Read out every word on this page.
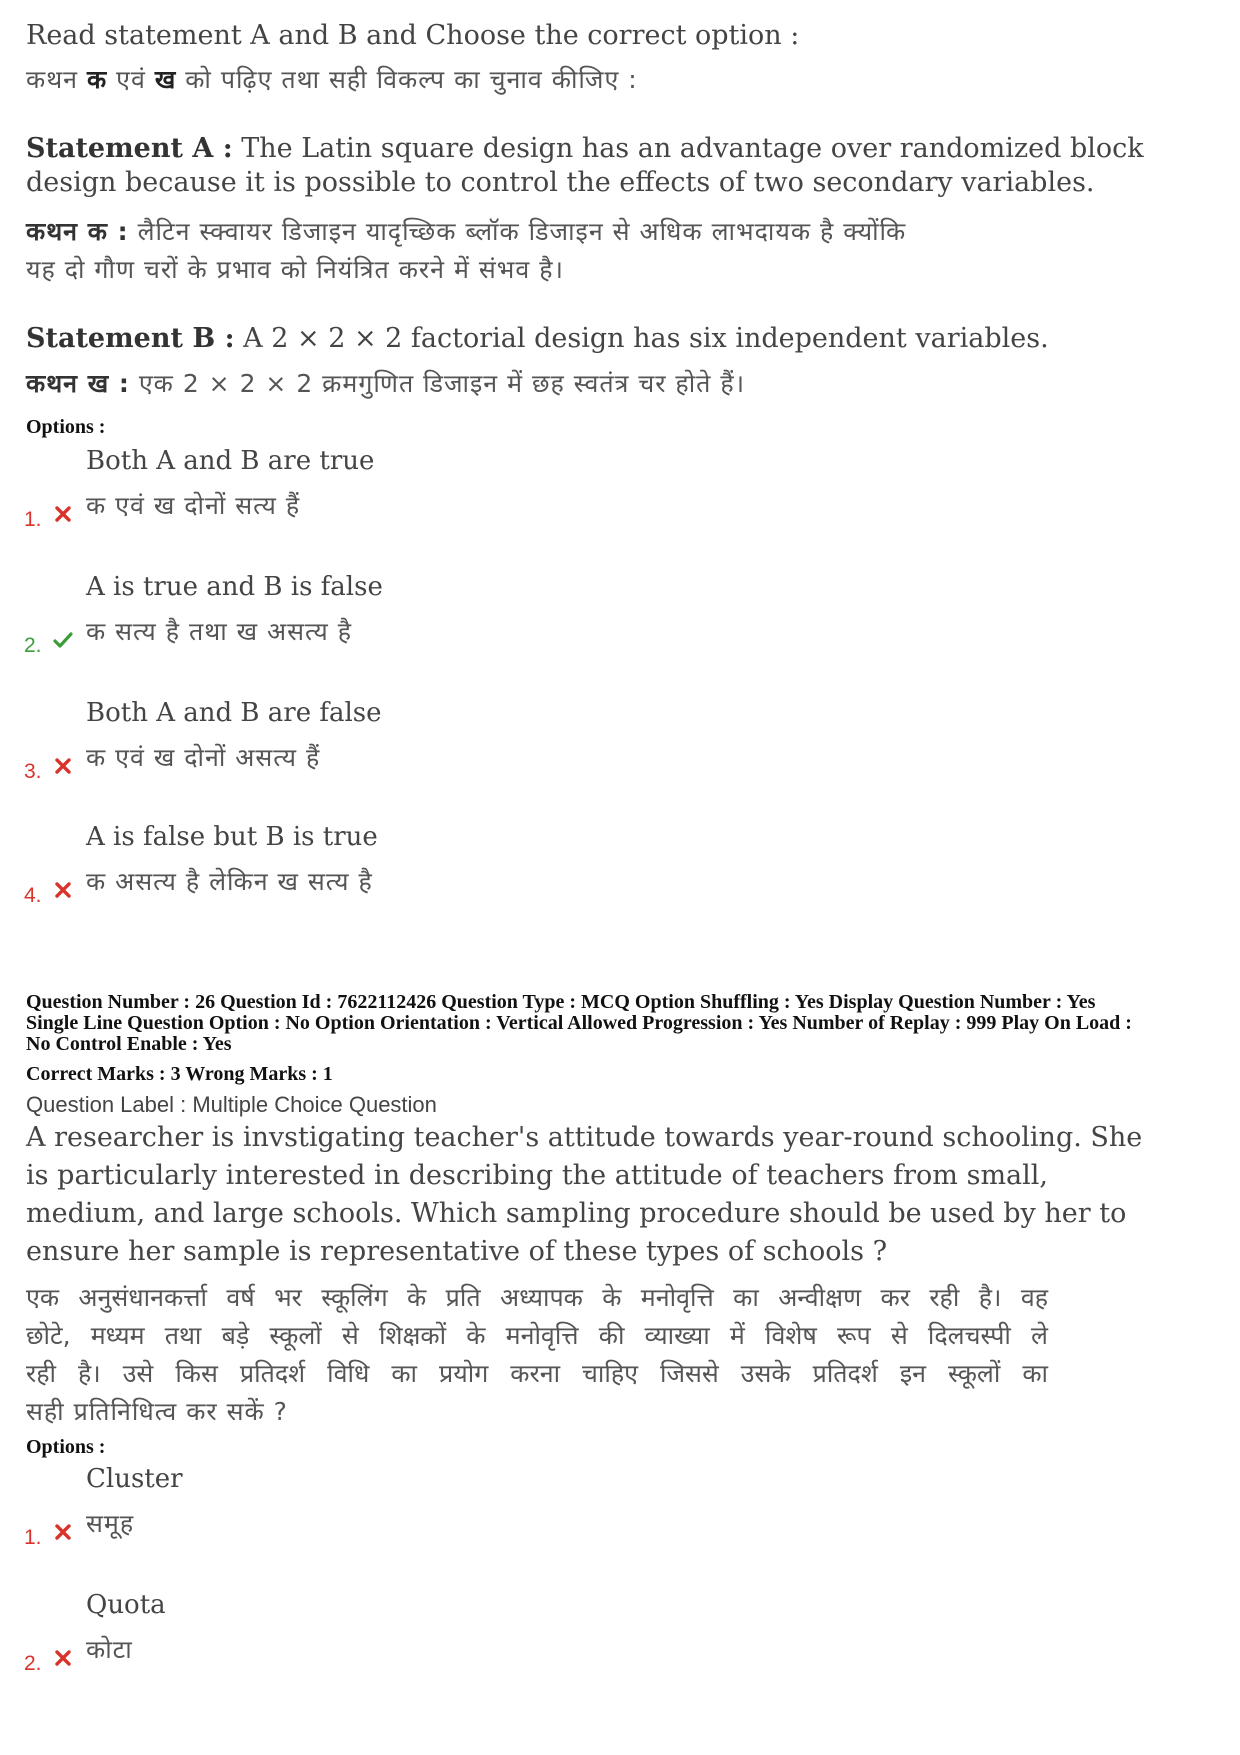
Read statement A and B and Choose the correct option :
कथन क एवं ख को पढ़िए तथा सही विकल्प का चुनाव कीजिए :
Statement A : The Latin square design has an advantage over randomized block
design because it is possible to control the effects of two secondary variables.
कथन क : लैटिन स्क्वायर डिजाइन यादृच्छिक ब्लॉक डिजाइन से अधिक लाभदायक है क्योंकि
यह दो गौण चरों के प्रभाव को नियंत्रित करने में संभव है।
Statement B : A 2 × 2 × 2 factorial design has six independent variables.
कथन ख : एक 2 × 2 × 2 क्रमगुणित डिजाइन में छह स्वतंत्र चर होते हैं।
Options :
Both A and B are true
क एवं ख दोनों सत्य हैं
1.
A is true and B is false
क सत्य है तथा ख असत्य है
2.
Both A and B are false
क एवं ख दोनों असत्य हैं
3.
A is false but B is true
क असत्य है लेकिन ख सत्य है
4.
Question Number : 26 Question Id : 7622112426 Question Type : MCQ Option Shuffling : Yes Display Question Number : Yes
Single Line Question Option : No Option Orientation : Vertical Allowed Progression : Yes Number of Replay : 999 Play On Load :
No Control Enable : Yes
Correct Marks : 3 Wrong Marks : 1
Question Label : Multiple Choice Question
A researcher is invstigating teacher's attitude towards year-round schooling. She
is particularly interested in describing the attitude of teachers from small,
medium, and large schools. Which sampling procedure should be used by her to
ensure her sample is representative of these types of schools ?
एक अनुसंधानकर्त्ता वर्ष भर स्कूलिंग के प्रति अध्यापक के मनोवृत्ति का अन्वीक्षण कर रही है। वह
छोटे, मध्यम तथा बड़े स्कूलों से शिक्षकों के मनोवृत्ति की व्याख्या में विशेष रूप से दिलचस्पी ले
रही है। उसे किस प्रतिदर्श विधि का प्रयोग करना चाहिए जिससे उसके प्रतिदर्श इन स्कूलों का
सही प्रतिनिधित्व कर सकें ?
Options :
Cluster
समूह
1.
Quota
कोटा
2.
